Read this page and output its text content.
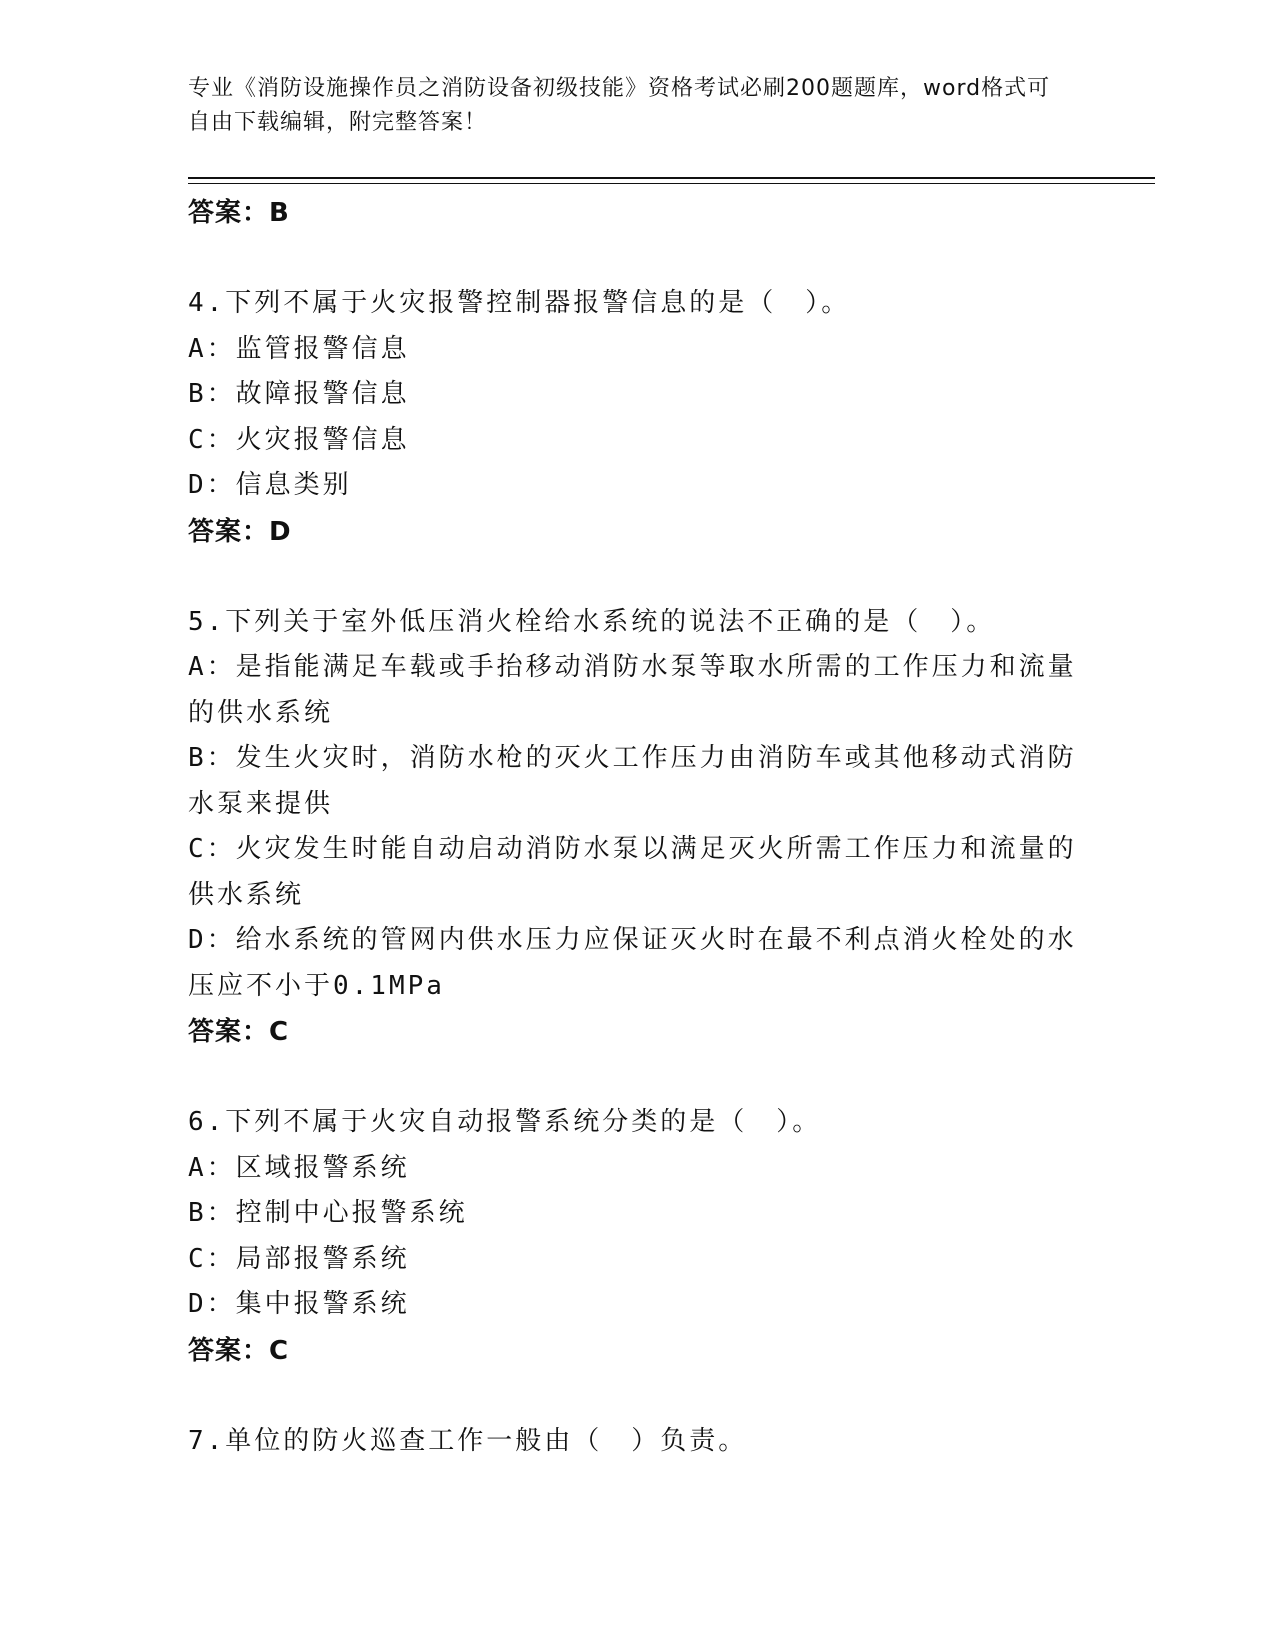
专业《消防设施操作员之消防设备初级技能》资格考试必刷200题题库，word格式可自由下载编辑，附完整答案！
答案：B
4.下列不属于火灾报警控制器报警信息的是（　）。
A：监管报警信息
B：故障报警信息
C：火灾报警信息
D：信息类别
答案：D
5.下列关于室外低压消火栓给水系统的说法不正确的是（　）。
A：是指能满足车载或手抬移动消防水泵等取水所需的工作压力和流量的供水系统
B：发生火灾时，消防水枪的灭火工作压力由消防车或其他移动式消防水泵来提供
C：火灾发生时能自动启动消防水泵以满足灭火所需工作压力和流量的供水系统
D：给水系统的管网内供水压力应保证灭火时在最不利点消火栓处的水压应不小于0.1MPa
答案：C
6.下列不属于火灾自动报警系统分类的是（　）。
A：区域报警系统
B：控制中心报警系统
C：局部报警系统
D：集中报警系统
答案：C
7.单位的防火巡查工作一般由（　）负责。
